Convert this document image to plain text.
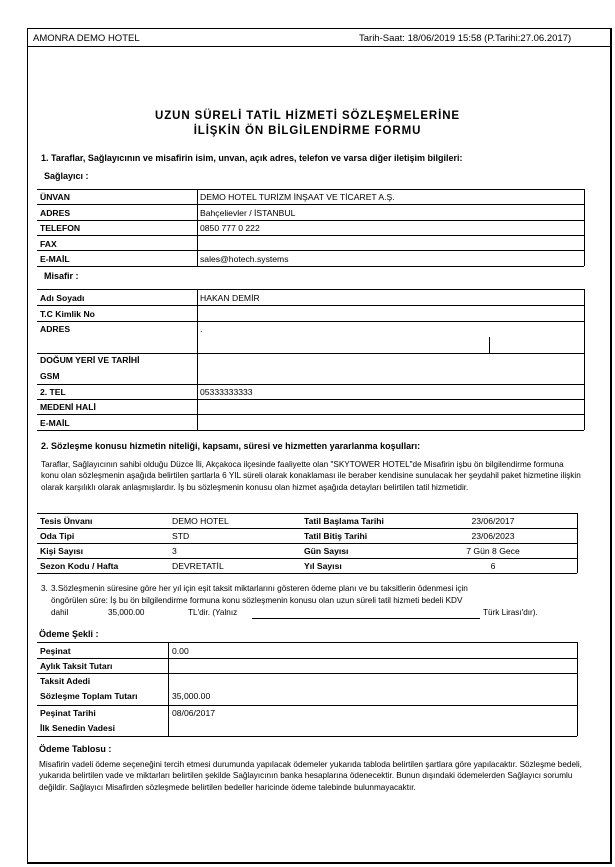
AMONRA DEMO HOTEL	Tarih-Saat: 18/06/2019 15:58 (P.Tarihi:27.06.2017)
UZUN SÜRELİ TATİL HİZMETİ SÖZLEŞMELERİNE
İLİŞKİN ÖN BİLGİLENDİRME FORMU
1. Taraflar, Sağlayıcının ve misafirin isim, unvan, açık adres, telefon ve varsa diğer iletişim bilgileri:
Sağlayıcı :
ÜNVAN	DEMO HOTEL TURİZM İNŞAAT VE TİCARET A.Ş.
ADRES	Bahçelievler / İSTANBUL
TELEFON	0850 777 0 222
FAX
E-MAİL	sales@hotech.systems
Misafir :
Adı Soyadı	HAKAN DEMİR
T.C Kimlik No
ADRES	.
DOĞUM YERİ VE TARİHİ
GSM
2. TEL	05333333333
MEDENİ HALİ
E-MAİL
2. Sözleşme konusu hizmetin niteliği, kapsamı, süresi ve hizmetten yararlanma koşulları:
Taraflar, Sağlayıcının sahibi olduğu Düzce İli, Akçakoca ilçesinde faaliyette olan "SKYTOWER HOTEL"de Misafirin işbu ön bilgilendirme formuna konu olan sözleşmenin aşağıda belirtilen şartlarla 6 YIL süreli olarak konaklaması ile beraber kendisine sunulacak her şeydahil paket hizmetine ilişkin olarak karşılıklı olarak anlaşmışlardır. İş bu sözleşmenin konusu olan hizmet aşağıda detayları belirtilen tatil hizmetidir.
Tesis Ünvanı	DEMO HOTEL	Tatil Başlama Tarihi	23/06/2017
Oda Tipi	STD	Tatil Bitiş Tarihi	23/06/2023
Kişi Sayısı	3	Gün Sayısı	7 Gün 8 Gece
Sezon Kodu / Hafta	DEVRETATİL	Yıl Sayısı	6
3. 3.Sözleşmenin süresine göre her yıl için eşit taksit miktarlarını gösteren ödeme planı ve bu taksitlerin ödenmesi için
öngörülen süre: İş bu ön bilgilendirme formuna konu sözleşmenin konusu olan uzun süreli tatil hizmeti bedeli KDV
dahil	35,000.00	TL'dir. (Yalnız	Türk Lirası'dır).
Ödeme Şekli :
Peşinat	0.00
Aylık Taksit Tutarı
Taksit Adedi
Sözleşme Toplam Tutarı	35,000.00
Peşinat Tarihi	08/06/2017
İlk Senedin Vadesi
Ödeme Tablosu :
Misafirin vadeli ödeme seçeneğini tercih etmesi durumunda yapılacak ödemeler yukarıda tabloda belirtilen şartlara göre yapılacaktır. Sözleşme bedeli, yukarıda belirtilen vade ve miktarları belirtilen şekilde Sağlayıcının banka hesaplarına ödenecektir. Bunun dışındaki ödemelerden Sağlayıcı sorumlu değildir. Sağlayıcı Misafirden sözleşmede belirtilen bedeller haricinde ödeme talebinde bulunmayacaktır.
